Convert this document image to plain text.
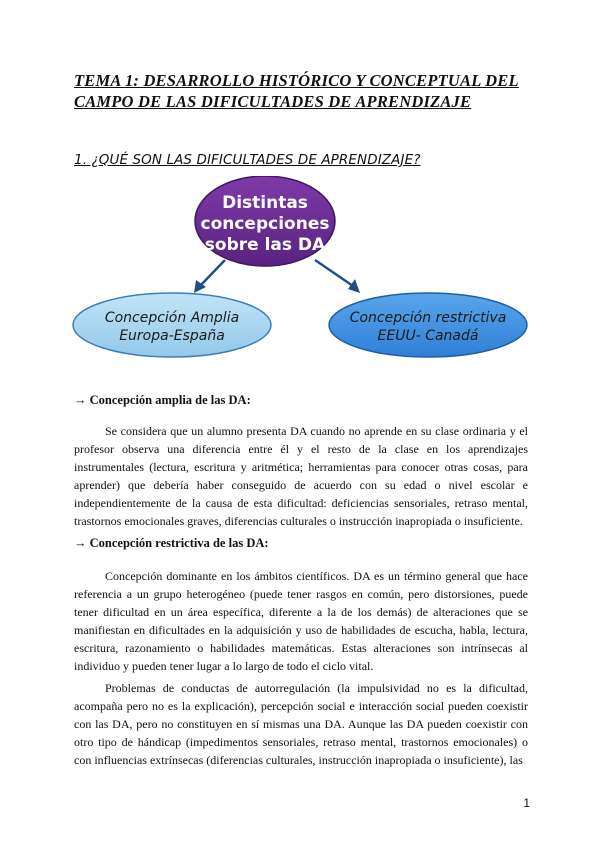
TEMA 1: DESARROLLO HISTÓRICO Y CONCEPTUAL DEL
CAMPO DE LAS DIFICULTADES DE APRENDIZAJE
1. ¿QUÉ SON LAS DIFICULTADES DE APRENDIZAJE?
Distintas
concepciones
sobre las DA
Concepción Amplia
Europa-España
Concepción restrictiva
EEUU- Canadá
→ Concepción amplia de las DA:
Se considera que un alumno presenta DA cuando no aprende en su clase ordinaria y el profesor observa una diferencia entre él y el resto de la clase en los aprendizajes instrumentales (lectura, escritura y aritmética; herramientas para conocer otras cosas, para aprender) que debería haber conseguido de acuerdo con su edad o nivel escolar e independientemente de la causa de esta dificultad: deficiencias sensoriales, retraso mental, trastornos emocionales graves, diferencias culturales o instrucción inapropiada o insuficiente.
→ Concepción restrictiva de las DA:
Concepción dominante en los ámbitos científicos. DA es un término general que hace referencia a un grupo heterogéneo (puede tener rasgos en común, pero distorsiones, puede tener dificultad en un área específica, diferente a la de los demás) de alteraciones que se manifiestan en dificultades en la adquisición y uso de habilidades de escucha, habla, lectura, escritura, razonamiento o habilidades matemáticas. Estas alteraciones son intrínsecas al individuo y pueden tener lugar a lo largo de todo el ciclo vital.
Problemas de conductas de autorregulación (la impulsividad no es la dificultad, acompaña pero no es la explicación), percepción social e interacción social pueden coexistir con las DA, pero no constituyen en sí mismas una DA. Aunque las DA pueden coexistir con otro tipo de hándicap (impedimentos sensoriales, retraso mental, trastornos emocionales) o con influencias extrínsecas (diferencias culturales, instrucción inapropiada o insuficiente), las
1
